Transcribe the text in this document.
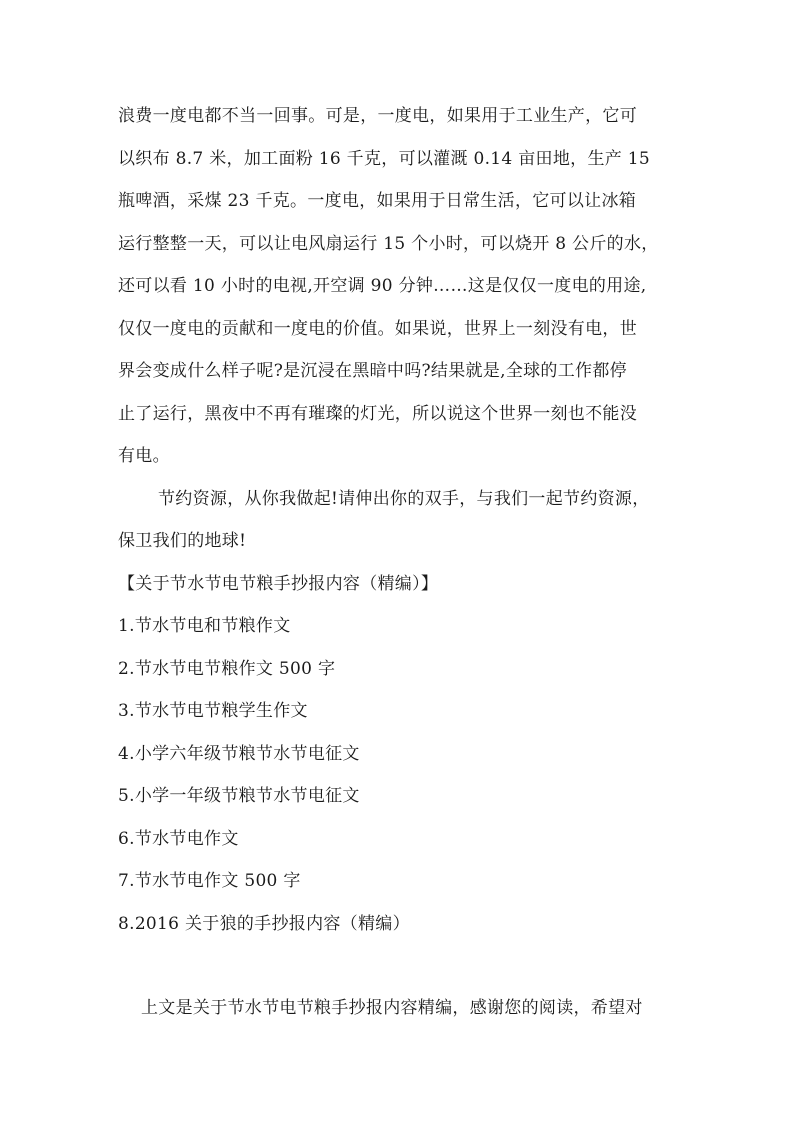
浪费一度电都不当一回事。可是，一度电，如果用于工业生产，它可
以织布 8.7 米，加工面粉 16 千克，可以灌溉 0.14 亩田地，生产 15
瓶啤酒，采煤 23 千克。一度电，如果用于日常生活，它可以让冰箱
运行整整一天，可以让电风扇运行 15 个小时，可以烧开 8 公斤的水，
还可以看 10 小时的电视,开空调 90 分钟……这是仅仅一度电的用途,
仅仅一度电的贡献和一度电的价值。如果说，世界上一刻没有电，世
界会变成什么样子呢?是沉浸在黑暗中吗?结果就是,全球的工作都停
止了运行，黑夜中不再有璀璨的灯光，所以说这个世界一刻也不能没
有电。
节约资源，从你我做起!请伸出你的双手，与我们一起节约资源，
保卫我们的地球!
【关于节水节电节粮手抄报内容（精编）】
1.节水节电和节粮作文
2.节水节电节粮作文 500 字
3.节水节电节粮学生作文
4.小学六年级节粮节水节电征文
5.小学一年级节粮节水节电征文
6.节水节电作文
7.节水节电作文 500 字
8.2016 关于狼的手抄报内容（精编）
上文是关于节水节电节粮手抄报内容精编，感谢您的阅读，希望对
